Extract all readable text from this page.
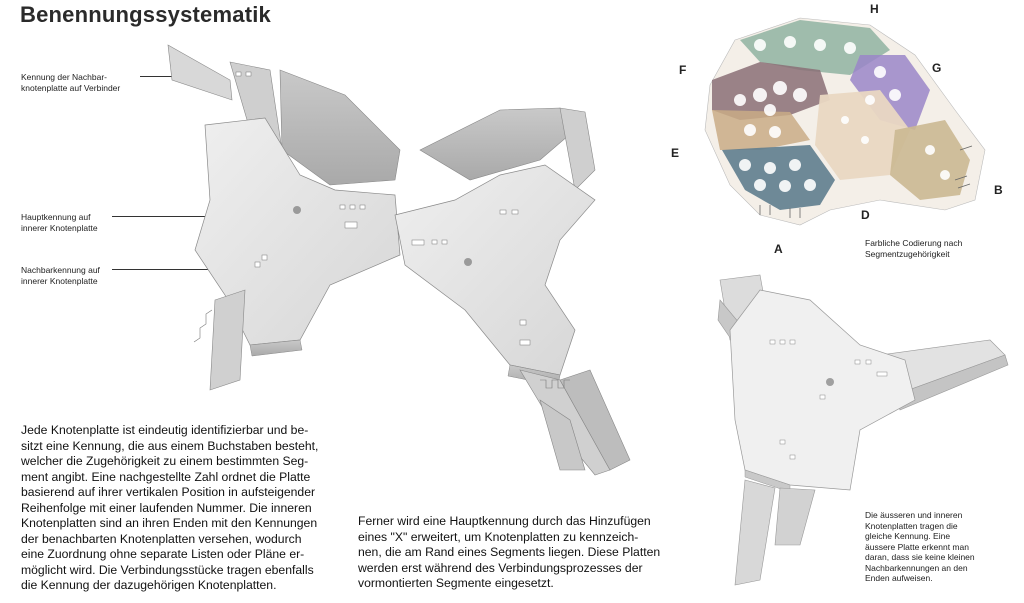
Benennungssystematik
Kennung der Nachbar-
knotenplatte auf Verbinder
Hauptkennung auf
innerer Knotenplatte
Nachbarkennung auf
innerer Knotenplatte
H
F	G
E
B
D
A	Farbliche Codierung nach
Segmentzugehörigkeit
Die äusseren und inneren
Knotenplatten tragen die
gleiche Kennung. Eine
äussere Platte erkennt man
daran, dass sie keine kleinen
Nachbarkennungen an den
Enden aufweisen.
Jede Knotenplatte ist eindeutig identifizierbar und be-
sitzt eine Kennung, die aus einem Buchstaben besteht,
welcher die Zugehörigkeit zu einem bestimmten Seg-
ment angibt. Eine nachgestellte Zahl ordnet die Platte
basierend auf ihrer vertikalen Position in aufsteigender
Reihenfolge mit einer laufenden Nummer. Die inneren
Knotenplatten sind an ihren Enden mit den Kennungen
der benachbarten Knotenplatten versehen, wodurch
eine Zuordnung ohne separate Listen oder Pläne er-
möglicht wird. Die Verbindungsstücke tragen ebenfalls
die Kennung der dazugehörigen Knotenplatten.
Ferner wird eine Hauptkennung durch das Hinzufügen
eines "X" erweitert, um Knotenplatten zu kennzeich-
nen, die am Rand eines Segments liegen. Diese Platten
werden erst während des Verbindungsprozesses der
vormontierten Segmente eingesetzt.
